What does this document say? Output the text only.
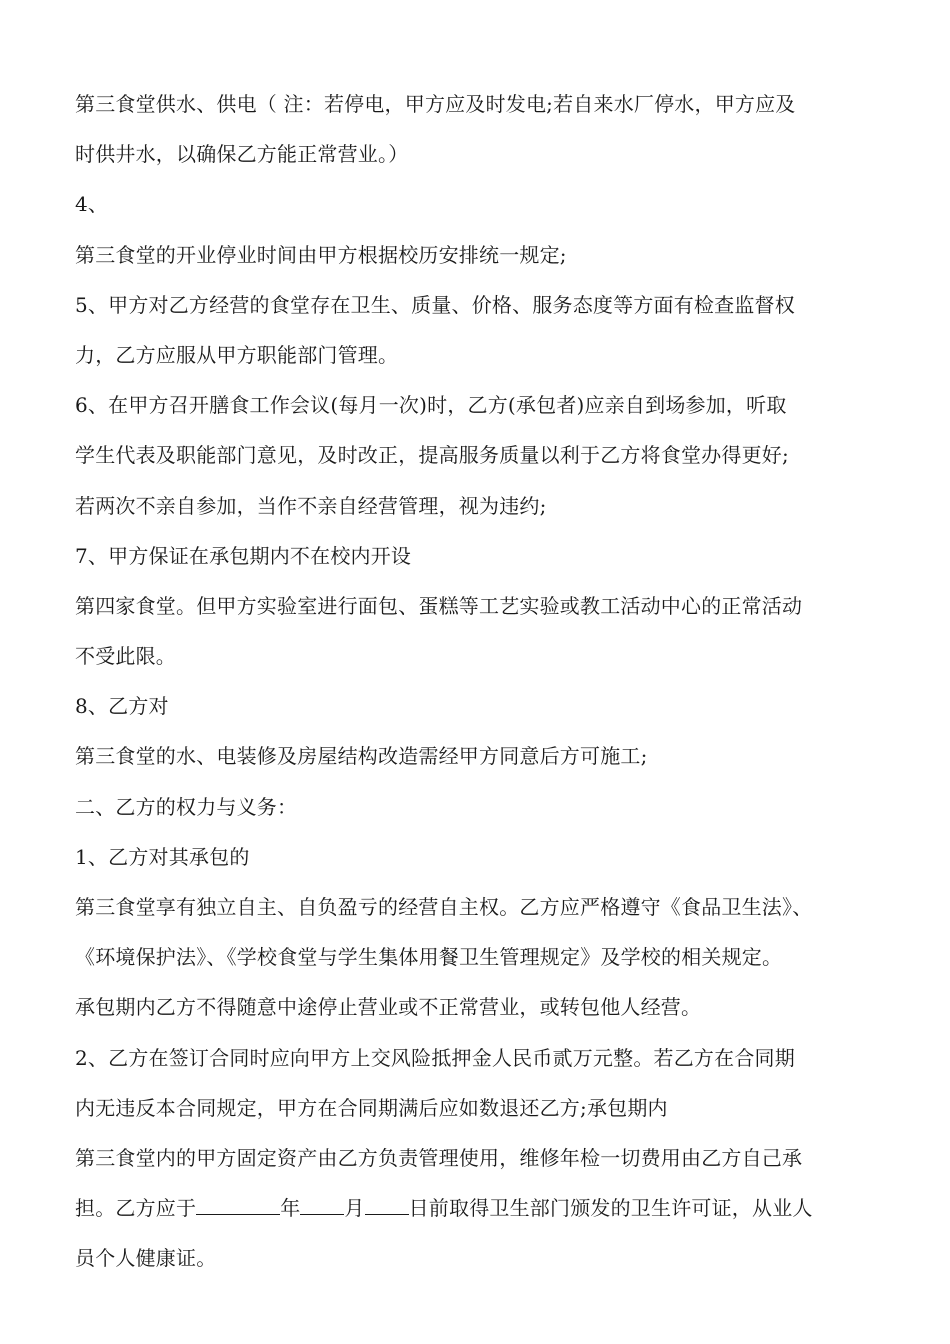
第三食堂供水、供电（ 注：若停电，甲方应及时发电;若自来水厂停水，甲方应及
时供井水，以确保乙方能正常营业。）
4、
第三食堂的开业停业时间由甲方根据校历安排统一规定;
5、甲方对乙方经营的食堂存在卫生、质量、价格、服务态度等方面有检查监督权
力，乙方应服从甲方职能部门管理。
6、在甲方召开膳食工作会议(每月一次)时，乙方(承包者)应亲自到场参加，听取
学生代表及职能部门意见，及时改正，提高服务质量以利于乙方将食堂办得更好;
若两次不亲自参加，当作不亲自经营管理，视为违约;
7、甲方保证在承包期内不在校内开设
第四家食堂。但甲方实验室进行面包、蛋糕等工艺实验或教工活动中心的正常活动
不受此限。
8、乙方对
第三食堂的水、电装修及房屋结构改造需经甲方同意后方可施工;
二、乙方的权力与义务：
1、乙方对其承包的
第三食堂享有独立自主、自负盈亏的经营自主权。乙方应严格遵守《食品卫生法》、
《环境保护法》、《学校食堂与学生集体用餐卫生管理规定》及学校的相关规定。
承包期内乙方不得随意中途停止营业或不正常营业，或转包他人经营。
2、乙方在签订合同时应向甲方上交风险抵押金人民币贰万元整。若乙方在合同期
内无违反本合同规定，甲方在合同期满后应如数退还乙方;承包期内
第三食堂内的甲方固定资产由乙方负责管理使用，维修年检一切费用由乙方自己承
担。乙方应于	年 月 日前取得卫生部门颁发的卫生许可证，从业人
员个人健康证。
